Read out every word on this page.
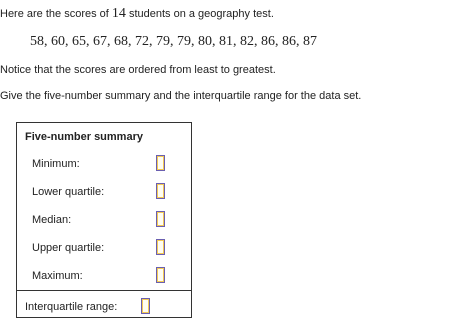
Here are the scores of 14 students on a geography test.
58, 60, 65, 67, 68, 72, 79, 79, 80, 81, 82, 86, 86, 87
Notice that the scores are ordered from least to greatest.
Give the five-number summary and the interquartile range for the data set.
Five-number summary
Minimum:
Lower quartile:
Median:
Upper quartile:
Maximum:
Interquartile range:
